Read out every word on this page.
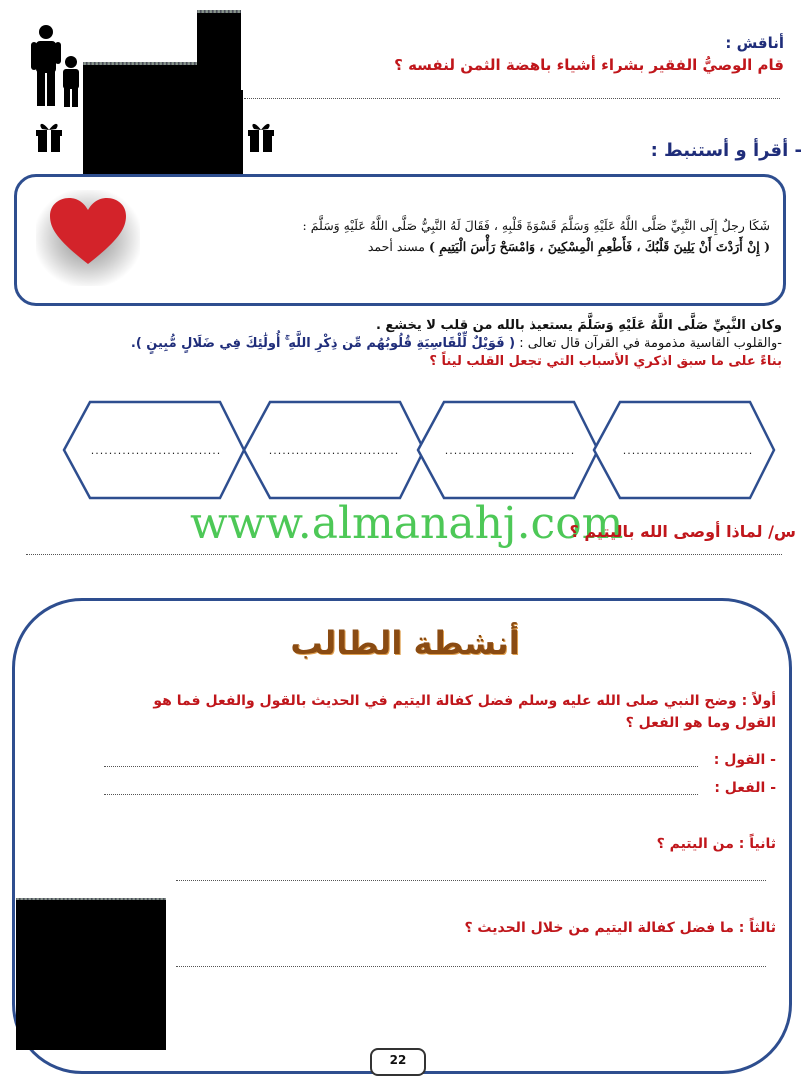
أناقش :
قام الوصيُّ الفقير بشراء أشياء باهضة الثمن لنفسه ؟
- أقرأ و أستنبط :
شَكَا رجلٌ إِلَى النَّبِيِّ صَلَّى اللَّهُ عَلَيْهِ وَسَلَّمَ قَسْوَةَ قَلْبِهِ ، فَقَالَ لَهُ النَّبِيُّ صَلَّى اللَّهُ عَلَيْهِ وَسَلَّمَ :
( إِنْ أَرَدْتَ أَنْ يَلِينَ قَلْبُكَ ، فَأَطْعِمِ الْمِسْكِينَ ، وَامْسَحْ رَأْسَ الْيَتِيمِ ) مسند أحمد
وكان النَّبِيِّ صَلَّى اللَّهُ عَلَيْهِ وَسَلَّمَ يستعيذ بالله من قلب لا يخشع .
-والقلوب القاسية مذمومة في القرآن قال تعالى : ( فَوَيْلٌ لِّلْقَاسِيَةِ قُلُوبُهُم مِّن ذِكْرِ اللَّهِ ۚ أُولَٰئِكَ فِي ضَلَالٍ مُّبِينٍ ).
بناءً على ما سبق اذكري الأسباب التي تجعل القلب ليناً ؟
.............................	.............................	.............................	.............................
www.almanahj.com
س/ لماذا أوصى الله باليتيم ؟
أنشطة الطالب
أولاً : وضح النبي صلى الله عليه وسلم فضل كفالة اليتيم في الحديث بالقول والفعل فما هو
القول وما هو الفعل ؟
- القول :
- الفعل :
ثانياً : من اليتيم ؟
ثالثاً : ما فضل كفالة اليتيم من خلال الحديث ؟
22
